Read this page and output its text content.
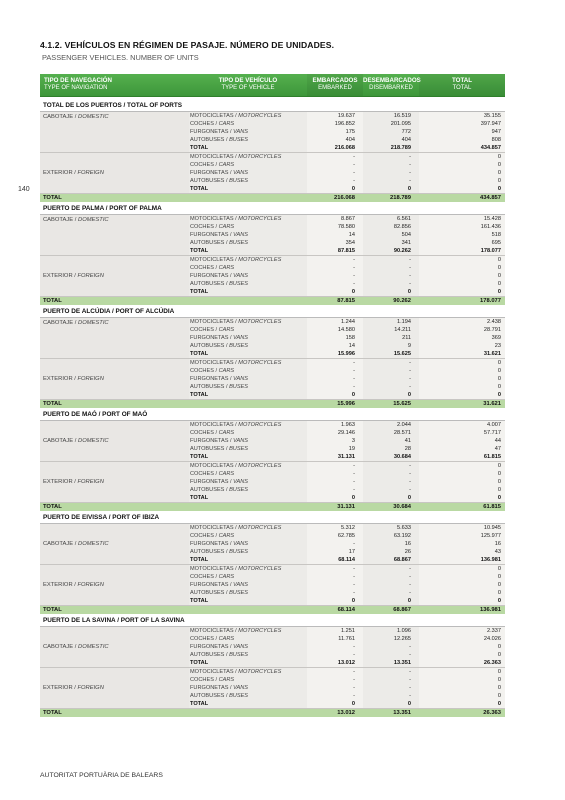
140
4.1.2. VEHÍCULOS EN RÉGIMEN DE PASAJE. NÚMERO DE UNIDADES.
PASSENGER VEHICLES. NUMBER OF UNITS
TIPO DE NAVEGACIÓN
TYPE OF NAVIGATION
TIPO DE VEHÍCULO
TYPE OF VEHICLE
EMBARCADOS
EMBARKED
DESEMBARCADOS
DISEMBARKED
TOTAL
TOTAL
TOTAL DE LOS PUERTOS / TOTAL OF PORTS
CABOTAJE / DOMESTIC	MOTOCICLETAS / MOTORCYCLES	19.637	16.519	35.155
COCHES / CARS	196.852	201.095	397.947
FURGONETAS / VANS	175	772	947
AUTOBUSES / BUSES	404	404	808
TOTAL	216.068	218.789	434.857
EXTERIOR / FOREIGN
MOTOCICLETAS / MOTORCYCLES	-	-	0
COCHES / CARS	-	-	0
FURGONETAS / VANS	-	-	0
AUTOBUSES / BUSES	-	-	0
TOTAL	0	0	0
TOTAL	216.068	218.789	434.857
PUERTO DE PALMA / PORT OF PALMA
CABOTAJE / DOMESTIC	MOTOCICLETAS / MOTORCYCLES	8.867	6.561	15.428
COCHES / CARS	78.580	82.856	161.436
FURGONETAS / VANS	14	504	518
AUTOBUSES / BUSES	354	341	695
TOTAL	87.815	90.262	178.077
EXTERIOR / FOREIGN
MOTOCICLETAS / MOTORCYCLES	-	-	0
COCHES / CARS	-	-	0
FURGONETAS / VANS	-	-	0
AUTOBUSES / BUSES	-	-	0
TOTAL	0	0	0
TOTAL	87.815	90.262	178.077
PUERTO DE ALCÚDIA / PORT OF ALCÚDIA
CABOTAJE / DOMESTIC	MOTOCICLETAS / MOTORCYCLES	1.244	1.194	2.438
COCHES / CARS	14.580	14.211	28.791
FURGONETAS / VANS	158	211	369
AUTOBUSES / BUSES	14	9	23
TOTAL	15.996	15.625	31.621
EXTERIOR / FOREIGN
MOTOCICLETAS / MOTORCYCLES	-	-	0
COCHES / CARS	-	-	0
FURGONETAS / VANS	-	-	0
AUTOBUSES / BUSES	-	-	0
TOTAL	0	0	0
TOTAL	15.996	15.625	31.621
PUERTO DE MAÓ / PORT OF MAÓ
CABOTAJE / DOMESTIC
MOTOCICLETAS / MOTORCYCLES	1.963	2.044	4.007
COCHES / CARS	29.146	28.571	57.717
FURGONETAS / VANS	3	41	44
AUTOBUSES / BUSES	19	28	47
TOTAL	31.131	30.684	61.815
EXTERIOR / FOREIGN
MOTOCICLETAS / MOTORCYCLES	-	-	0
COCHES / CARS	-	-	0
FURGONETAS / VANS	-	-	0
AUTOBUSES / BUSES	-	-	0
TOTAL	0	0	0
TOTAL	31.131	30.684	61.815
PUERTO DE EIVISSA / PORT OF IBIZA
CABOTAJE / DOMESTIC
MOTOCICLETAS / MOTORCYCLES	5.312	5.633	10.945
COCHES / CARS	62.785	63.192	125.977
FURGONETAS / VANS	-	16	16
AUTOBUSES / BUSES	17	26	43
TOTAL	68.114	68.867	136.981
EXTERIOR / FOREIGN
MOTOCICLETAS / MOTORCYCLES	-	-	0
COCHES / CARS	-	-	0
FURGONETAS / VANS	-	-	0
AUTOBUSES / BUSES	-	-	0
TOTAL	0	0	0
TOTAL	68.114	68.867	136.981
PUERTO DE LA SAVINA / PORT OF LA SAVINA
CABOTAJE / DOMESTIC
MOTOCICLETAS / MOTORCYCLES	1.251	1.096	2.337
COCHES / CARS	11.761	12.265	24.026
FURGONETAS / VANS	-	-	0
AUTOBUSES / BUSES	-	-	0
TOTAL	13.012	13.351	26.363
EXTERIOR / FOREIGN
MOTOCICLETAS / MOTORCYCLES	-	-	0
COCHES / CARS	-	-	0
FURGONETAS / VANS	-	-	0
AUTOBUSES / BUSES	-	-	0
TOTAL	0	0	0
TOTAL	13.012	13.351	26.363
AUTORITAT PORTUÀRIA DE BALEARS
